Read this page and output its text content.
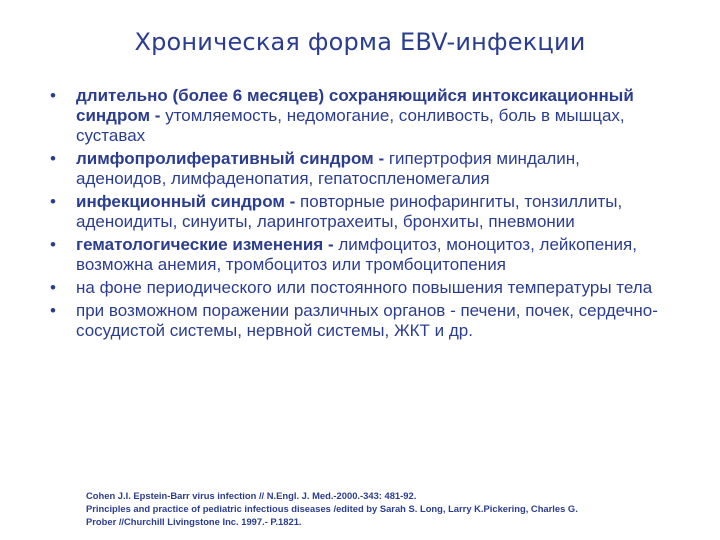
Хроническая форма EBV-инфекции
•	длительно (более 6 месяцев) сохраняющийся интоксикационный синдром - утомляемость, недомогание, сонливость, боль в мышцах, суставах
•	лимфопролиферативный синдром - гипертрофия миндалин, аденоидов, лимфаденопатия, гепатоспленомегалия
•	инфекционный синдром - повторные ринофарингиты, тонзиллиты, аденоидиты, синуиты, ларинготрахеиты, бронхиты, пневмонии
•	гематологические изменения - лимфоцитоз, моноцитоз, лейкопения, возможна анемия, тромбоцитоз или тромбоцитопения
•	на фоне периодического или постоянного повышения температуры тела
•	при возможном поражении различных органов - печени, почек, сердечно-сосудистой системы, нервной системы, ЖКТ и др.
Cohen J.I. Epstein-Barr virus infection // N.Engl. J. Med.-2000.-343: 481-92.
Principles and practice of pediatric infectious diseases /edited by Sarah S. Long, Larry K.Pickering, Charles G.
Prober //Churchill Livingstone Inc. 1997.- P.1821.
